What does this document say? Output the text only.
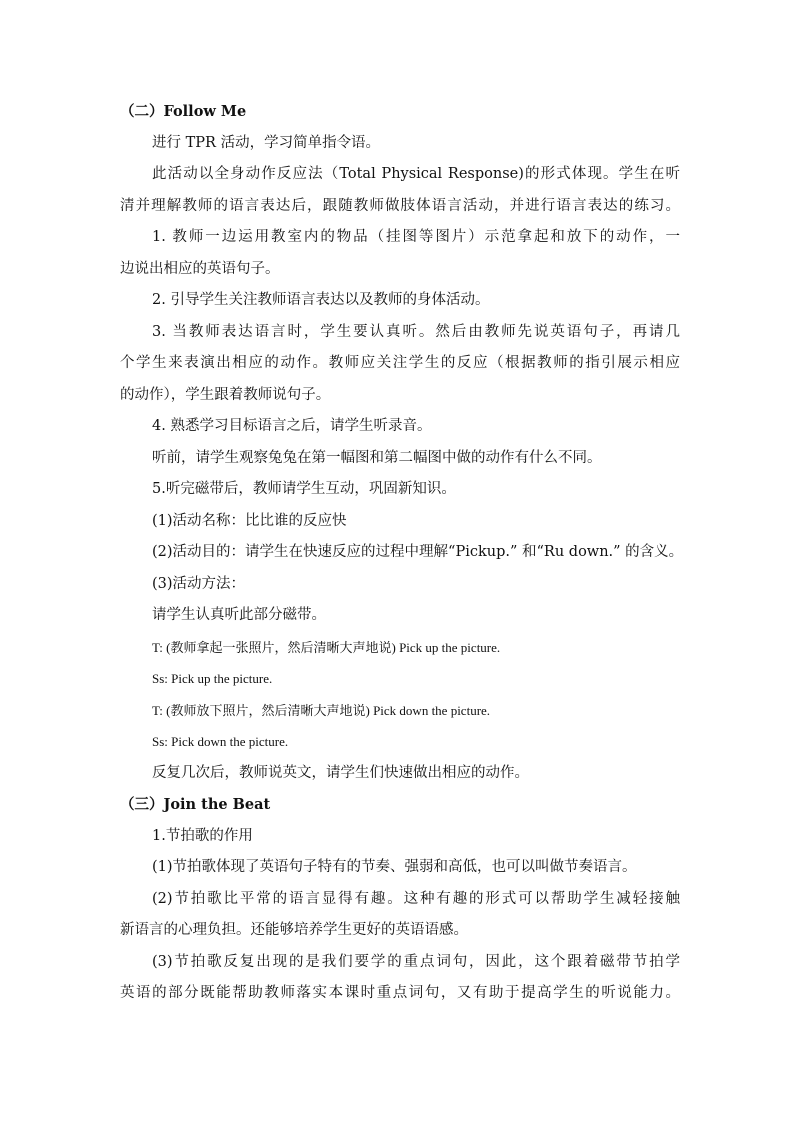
（二）Follow Me
进行 TPR 活动，学习简单指令语。
此活动以全身动作反应法（Total Physical Response)的形式体现。学生在听
清并理解教师的语言表达后，跟随教师做肢体语言活动，并进行语言表达的练习。
1. 教师一边运用教室内的物品（挂图等图片）示范拿起和放下的动作，一
边说出相应的英语句子。
2. 引导学生关注教师语言表达以及教师的身体活动。
3. 当教师表达语言时，学生要认真听。然后由教师先说英语句子，再请几
个学生来表演出相应的动作。教师应关注学生的反应（根据教师的指引展示相应
的动作），学生跟着教师说句子。
4. 熟悉学习目标语言之后，请学生听录音。
听前，请学生观察兔兔在第一幅图和第二幅图中做的动作有什么不同。
5.听完磁带后，教师请学生互动，巩固新知识。
(1)活动名称：比比谁的反应快
(2)活动目的：请学生在快速反应的过程中理解“Pickup.” 和“Ru down.” 的含义。
(3)活动方法：
请学生认真听此部分磁带。
T: (教师拿起一张照片，然后清晰大声地说) Pick up the picture.
Ss: Pick up the picture.
T: (教师放下照片，然后清晰大声地说) Pick down the picture.
Ss: Pick down the picture.
反复几次后，教师说英文，请学生们快速做出相应的动作。
（三）Join the Beat
1.节拍歌的作用
(1)节拍歌体现了英语句子特有的节奏、强弱和高低，也可以叫做节奏语言。
(2)节拍歌比平常的语言显得有趣。这种有趣的形式可以帮助学生减轻接触
新语言的心理负担。还能够培养学生更好的英语语感。
(3)节拍歌反复出现的是我们要学的重点词句，因此，这个跟着磁带节拍学
英语的部分既能帮助教师落实本课时重点词句，又有助于提高学生的听说能力。
